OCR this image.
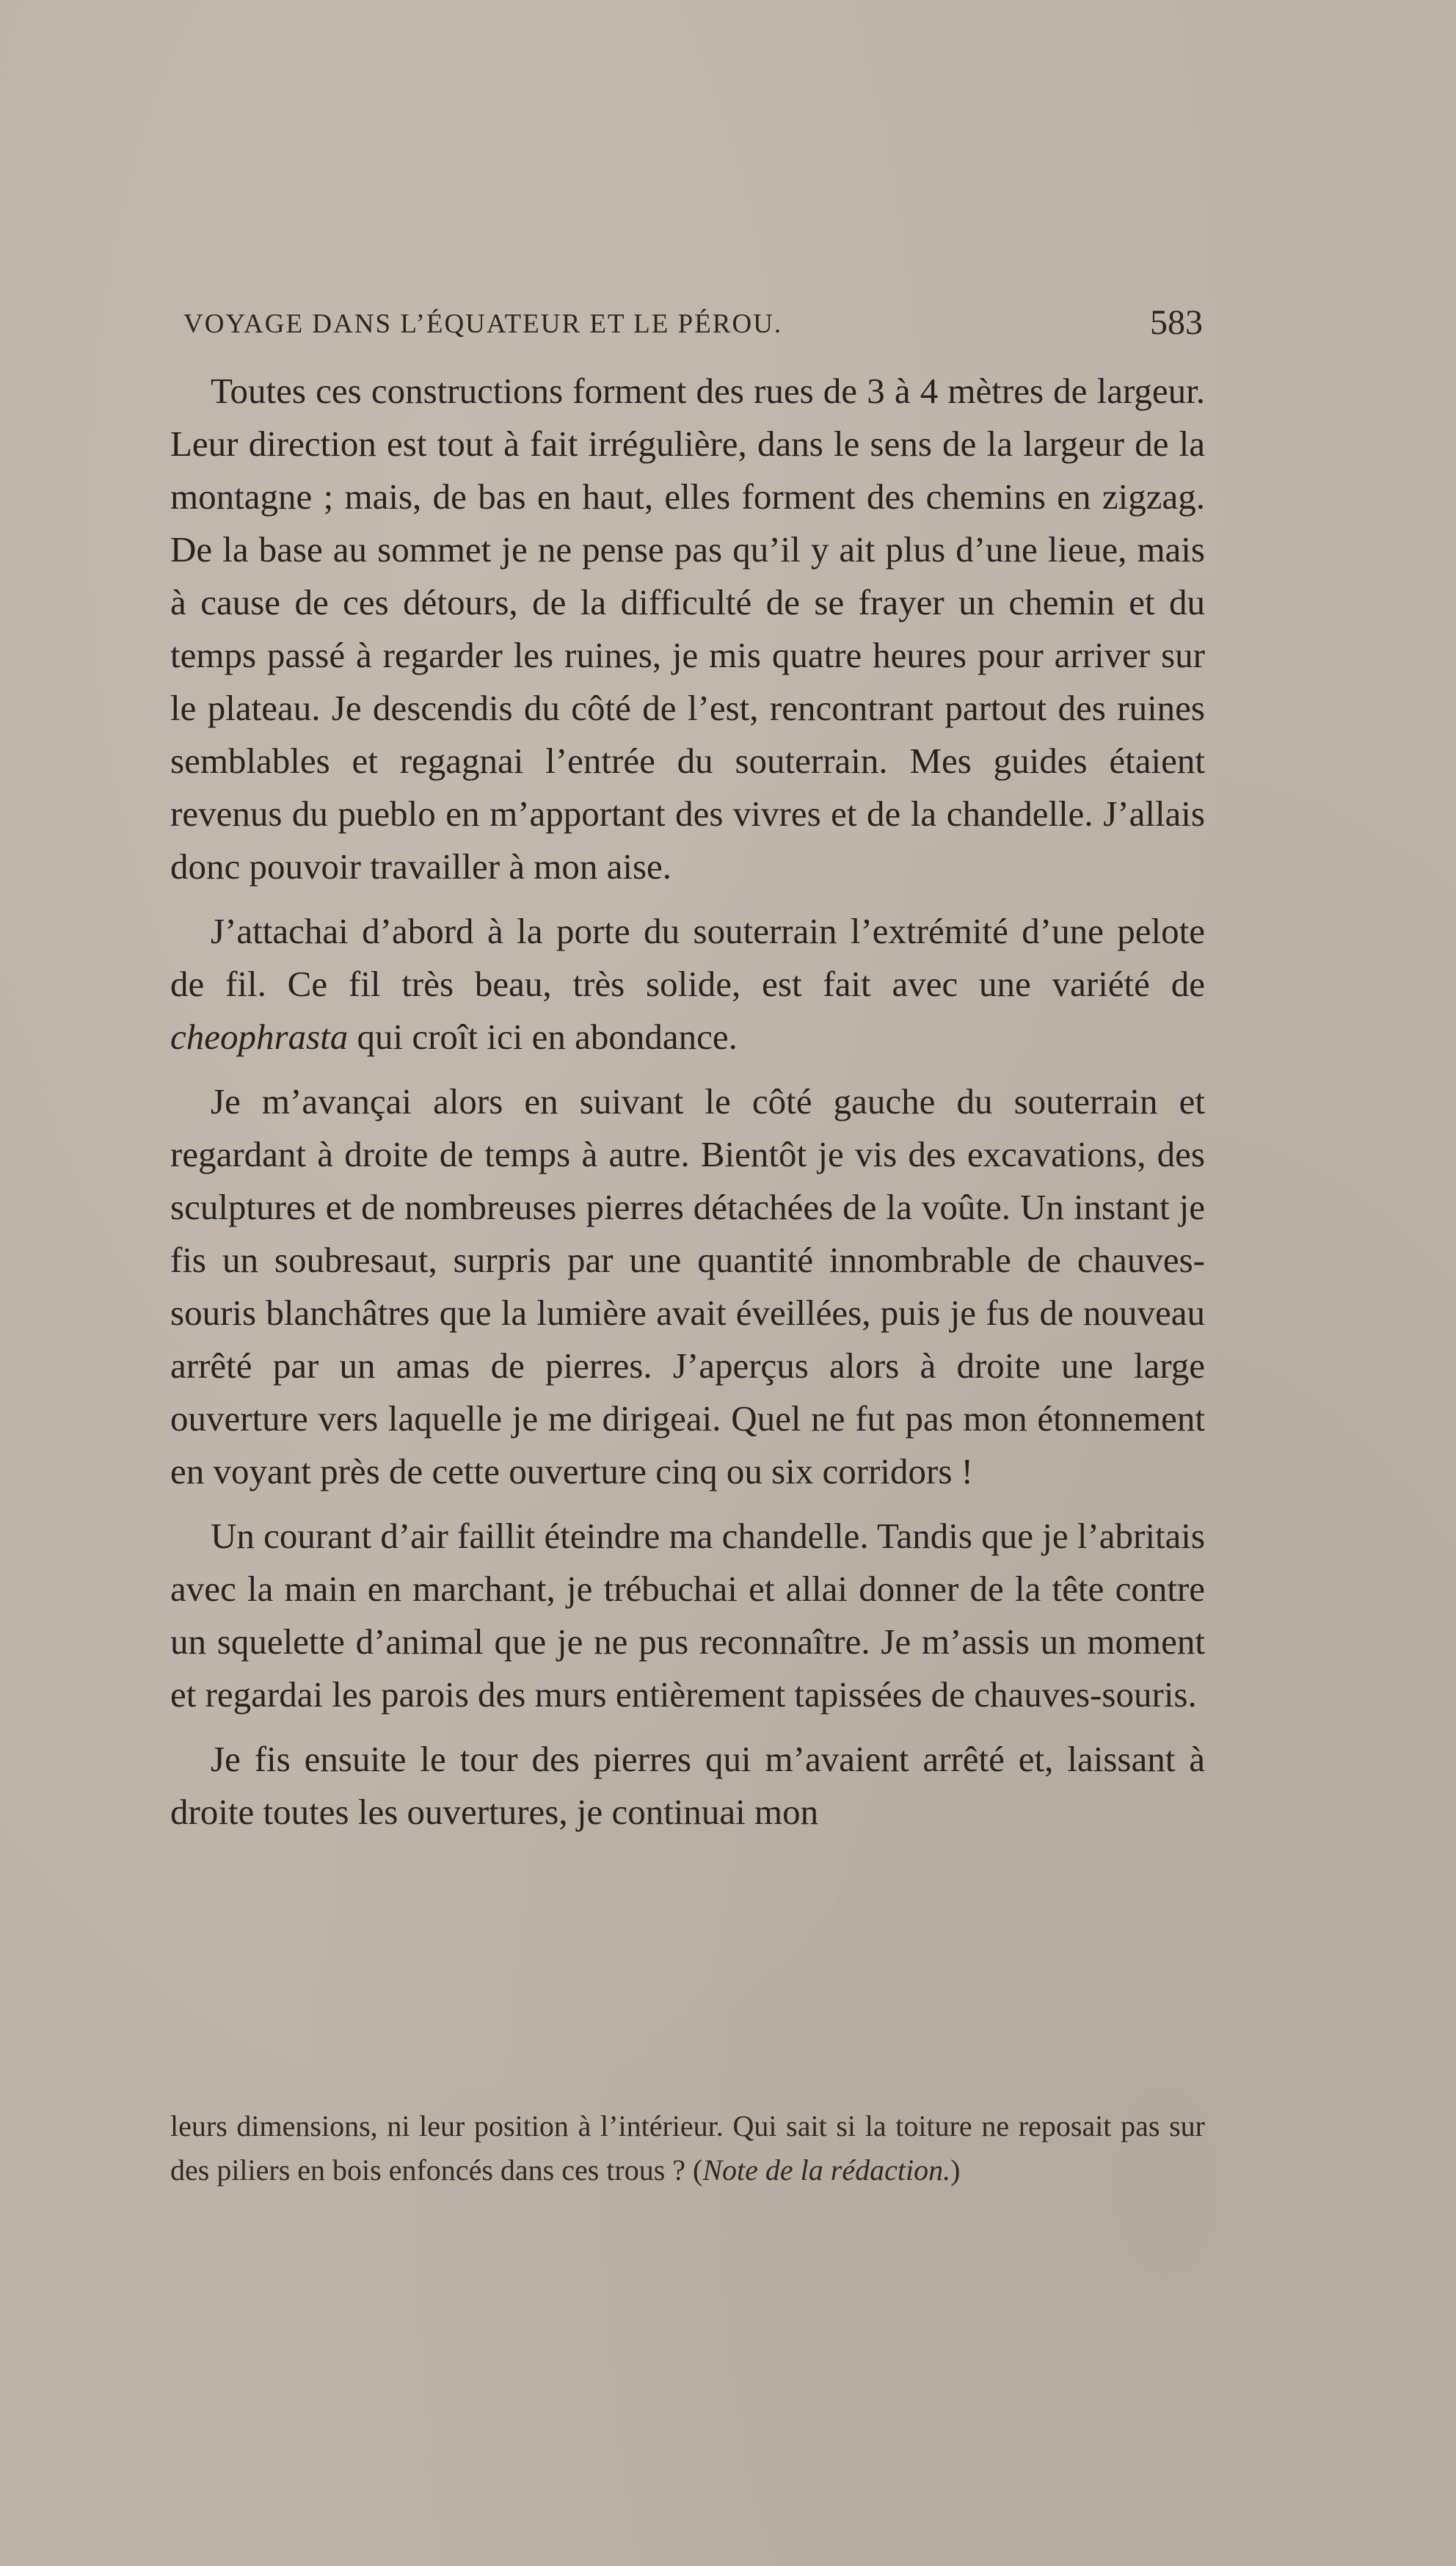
VOYAGE DANS L’ÉQUATEUR ET LE PÉROU.	583

Toutes ces constructions forment des rues de 3 à 4 mètres de largeur. Leur direction est tout à fait irrégulière, dans le sens de la largeur de la montagne ; mais, de bas en haut, elles forment des chemins en zigzag. De la base au sommet je ne pense pas qu’il y ait plus d’une lieue, mais à cause de ces détours, de la difficulté de se frayer un chemin et du temps passé à regarder les ruines, je mis quatre heures pour arriver sur le plateau. Je descendis du côté de l’est, rencontrant partout des ruines semblables et regagnai l’entrée du souterrain. Mes guides étaient revenus du pueblo en m’apportant des vivres et de la chandelle. J’allais donc pouvoir travailler à mon aise.

J’attachai d’abord à la porte du souterrain l’extrémité d’une pelote de fil. Ce fil très beau, très solide, est fait avec une variété de cheophrasta qui croît ici en abondance.

Je m’avançai alors en suivant le côté gauche du souterrain et regardant à droite de temps à autre. Bientôt je vis des excavations, des sculptures et de nombreuses pierres détachées de la voûte. Un instant je fis un soubresaut, surpris par une quantité innombrable de chauves-souris blanchâtres que la lumière avait éveillées, puis je fus de nouveau arrêté par un amas de pierres. J’aperçus alors à droite une large ouverture vers laquelle je me dirigeai. Quel ne fut pas mon étonnement en voyant près de cette ouverture cinq ou six corridors !

Un courant d’air faillit éteindre ma chandelle. Tandis que je l’abritais avec la main en marchant, je trébuchai et allai donner de la tête contre un squelette d’animal que je ne pus reconnaître. Je m’assis un moment et regardai les parois des murs entièrement tapissées de chauves-souris.

Je fis ensuite le tour des pierres qui m’avaient arrêté et, laissant à droite toutes les ouvertures, je continuai mon

leurs dimensions, ni leur position à l’intérieur. Qui sait si la toiture ne reposait pas sur des piliers en bois enfoncés dans ces trous ? (Note de la rédaction.)
